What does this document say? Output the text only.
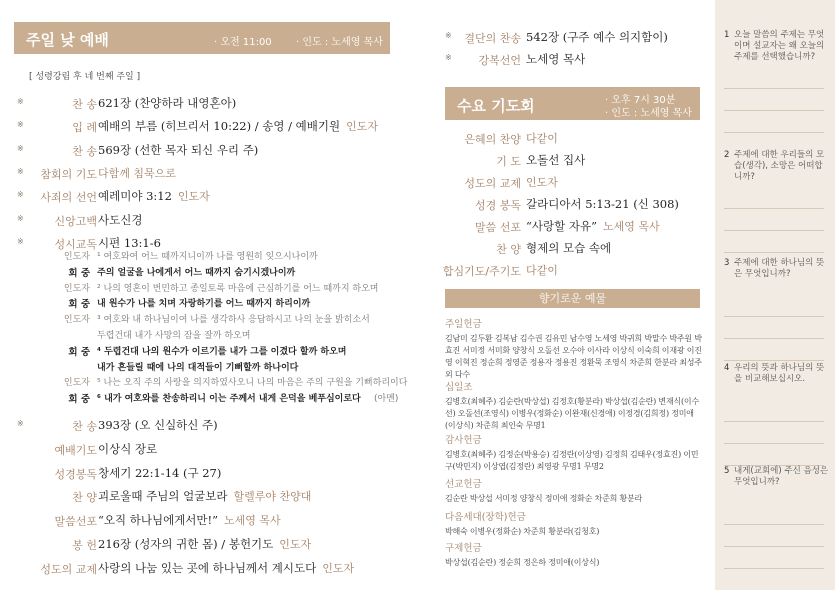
주일 낮 예배	· 오전 11:00 · 인도 : 노세영 목사
[ 성령강림 후 네 번째 주일 ]
※	찬 송 621장 (찬양하라 내영혼아)
※	입 례 예배의 부름 (히브리서 10:22) / 송영 / 예배기원 인도자
※	찬 송 569장 (선한 목자 되신 우리 주)
※ 참회의 기도 다함께 침묵으로
※ 사죄의 선언 예레미야 3:12 인도자
※	신앙고백 사도신경
※	성시교독 시편 13:1-6
인도자 ¹ 여호와여 어느 때까지니이까 나를 영원히 잊으시나이까
회 중 주의 얼굴을 나에게서 어느 때까지 숨기시겠나이까
인도자 ² 나의 영혼이 번민하고 종일토록 마음에 근심하기를 어느 때까지 하오며
회 중 내 원수가 나를 치며 자랑하기를 어느 때까지 하리이까
인도자 ³ 여호와 내 하나님이여 나를 생각하사 응답하시고 나의 눈을 밝히소서
두렵건대 내가 사망의 잠을 잘까 하오며
회 중 ⁴ 두렵건대 나의 원수가 이르기를 내가 그를 이겼다 할까 하오며
내가 흔들릴 때에 나의 대적들이 기뻐할까 하나이다
인도자 ⁵ 나는 오직 주의 사랑을 의지하였사오니 나의 마음은 주의 구원을 기뻐하리이다
회 중 ⁶ 내가 여호와를 찬송하리니 이는 주께서 내게 은덕을 베푸심이로다 (아멘)
※	찬 송 393장 (오 신실하신 주)
예배기도 이상식 장로
성경봉독 창세기 22:1-14 (구 27)
찬 양 괴로울때 주님의 얼굴보라 할렐루야 찬양대
말씀선포 “오직 하나님에게서만!” 노세영 목사
봉 헌 216장 (성자의 귀한 몸) / 봉헌기도 인도자
성도의 교제 사랑의 나눔 있는 곳에 하나님께서 계시도다 인도자
※ 결단의 찬송 542장 (구주 예수 의지함이)
※ 강복선언 노세영 목사
수요 기도회	· 오후 7시 30분
· 인도 : 노세영 목사
은혜의 찬양 다같이
기 도 오돌선 집사
성도의 교제 인도자
성경 봉독 갈라디아서 5:13-21 (신 308)
말씀 선포 “사랑할 자유” 노세영 목사
찬 양 형제의 모습 속에
합심기도/주기도 다같이
향기로운 예물
주일헌금
김남미 김두환 김복남 김수권 김유민 남수영 노세영 박귀희 박말수 박주원 박효진 서미정 서미화 양창식 오돌선 오수아 이사라 이상식 이숙희 이재광 이진영 이혁진 정순희 정영준 정용자 정용진 정환묵 조영식 차준희 한분라 최성주 외 다수
십일조
김병호(최혜주) 김순란(박상섭) 김정호(황분라) 박상섭(김순란) 변재식(이수선) 오돌선(조영식) 이병우(정화순) 이완재(신경애) 이정경(김희정) 정미애(이상식) 차준희 최인숙 무명1
감사헌금
김병호(최혜주) 김정순(박용승) 김정란(이상영) 김정희 김태우(정효진) 이민구(박민지) 이상엽(김정란) 최영광 무명1 무명2
선교헌금
김순란 박상섭 서미정 양창식 정미애 정화순 차준희 황분라
다음세대(장학)헌금
박해숙 이병우(정화순) 차준희 황분라(김청호)
구제헌금
박상섭(김순란) 정순희 정은하 정미애(이상식)
1 오늘 말씀의 주제는 무엇이며 설교자는 왜 오늘의 주제를 선택했습니까?
2 주제에 대한 우리들의 모습(생각), 소망은 어떠합니까?
3 주제에 대한 하나님의 뜻은 무엇입니까?
4 우리의 뜻과 하나님의 뜻을 비교해보십시오.
5 내게(교회에) 주신 음성은 무엇입니까?
